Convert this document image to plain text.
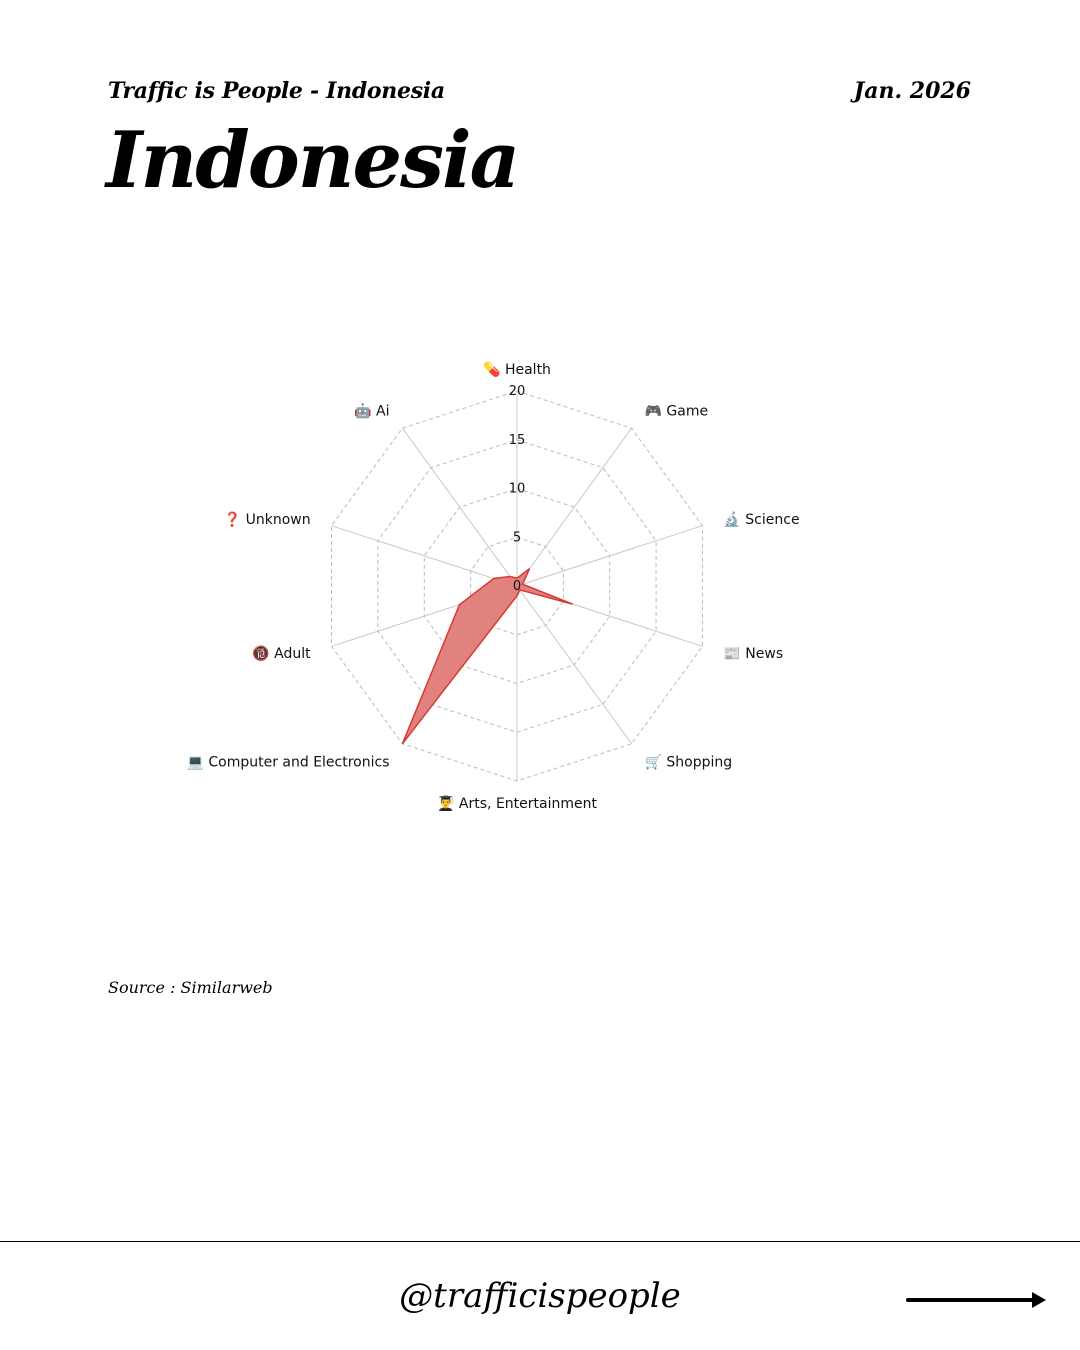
Traffic is People - Indonesia	Jan. 2026
Indonesia
0
5
10
15
20
💊 Health
🎮 Game
🔬 Science
📰 News
🛒 Shopping
👨‍🎓 Arts, Entertainment
💻 Computer and Electronics
🔞 Adult
❓ Unknown
🤖 Ai
Source : Similarweb
@trafficispeople
